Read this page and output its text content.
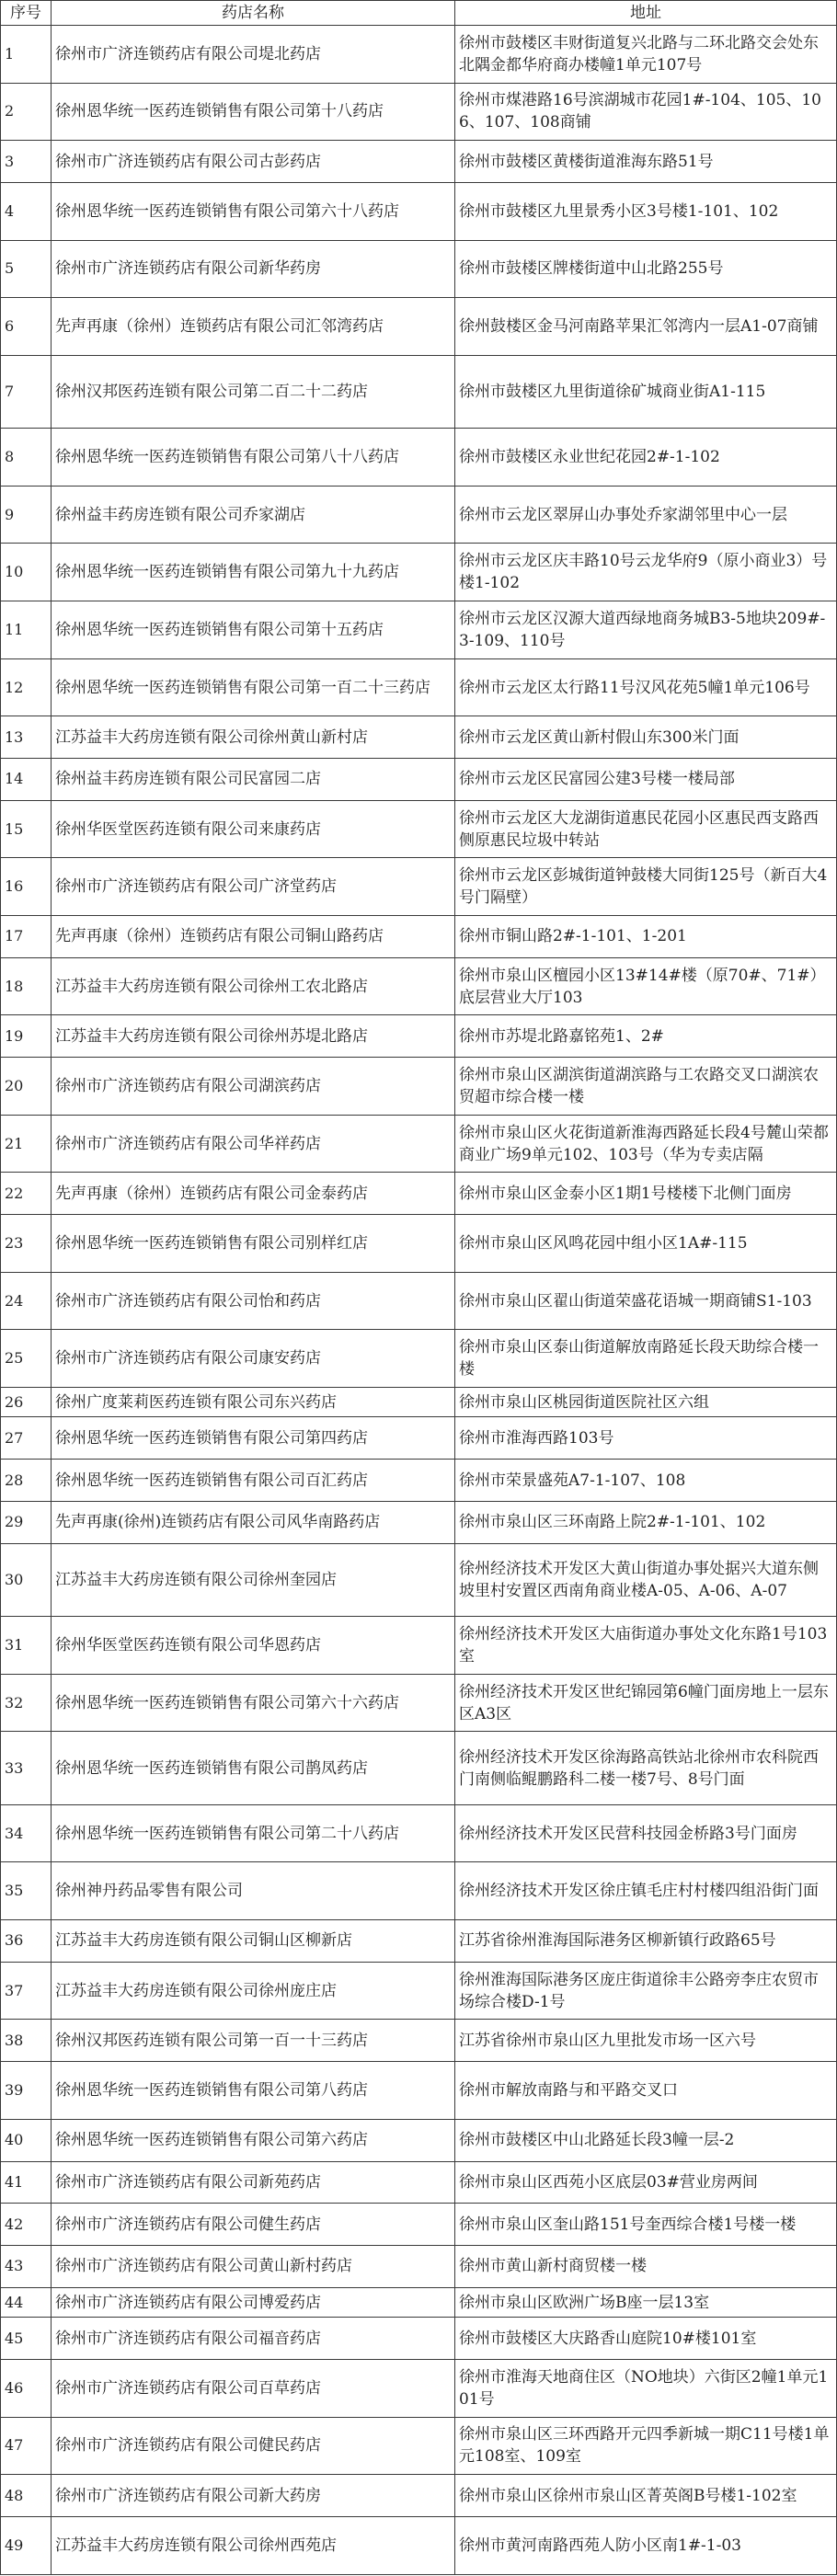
序号	药店名称	地址
1	徐州市广济连锁药店有限公司堤北药店	徐州市鼓楼区丰财街道复兴北路与二环北路交会处东北隅金都华府商办楼幢1单元107号
2	徐州恩华统一医药连锁销售有限公司第十八药店	徐州市煤港路16号滨湖城市花园1#-104、105、106、107、108商铺
3	徐州市广济连锁药店有限公司古彭药店	徐州市鼓楼区黄楼街道淮海东路51号
4	徐州恩华统一医药连锁销售有限公司第六十八药店	徐州市鼓楼区九里景秀小区3号楼1-101、102
5	徐州市广济连锁药店有限公司新华药房	徐州市鼓楼区牌楼街道中山北路255号
6	先声再康（徐州）连锁药店有限公司汇邻湾药店	徐州鼓楼区金马河南路苹果汇邻湾内一层A1-07商铺
7	徐州汉邦医药连锁有限公司第二百二十二药店	徐州市鼓楼区九里街道徐矿城商业街A1-115
8	徐州恩华统一医药连锁销售有限公司第八十八药店	徐州市鼓楼区永业世纪花园2#-1-102
9	徐州益丰药房连锁有限公司乔家湖店	徐州市云龙区翠屏山办事处乔家湖邻里中心一层
10	徐州恩华统一医药连锁销售有限公司第九十九药店	徐州市云龙区庆丰路10号云龙华府9（原小商业3）号楼1-102
11	徐州恩华统一医药连锁销售有限公司第十五药店	徐州市云龙区汉源大道西绿地商务城B3-5地块209#-3-109、110号
12	徐州恩华统一医药连锁销售有限公司第一百二十三药店	徐州市云龙区太行路11号汉风花苑5幢1单元106号
13	江苏益丰大药房连锁有限公司徐州黄山新村店	徐州市云龙区黄山新村假山东300米门面
14	徐州益丰药房连锁有限公司民富园二店	徐州市云龙区民富园公建3号楼一楼局部
15	徐州华医堂医药连锁有限公司来康药店	徐州市云龙区大龙湖街道惠民花园小区惠民西支路西侧原惠民垃圾中转站
16	徐州市广济连锁药店有限公司广济堂药店	徐州市云龙区彭城街道钟鼓楼大同街125号（新百大4号门隔壁）
17	先声再康（徐州）连锁药店有限公司铜山路药店	徐州市铜山路2#-1-101、1-201
18	江苏益丰大药房连锁有限公司徐州工农北路店	徐州市泉山区檀园小区13#14#楼（原70#、71#）底层营业大厅103
19	江苏益丰大药房连锁有限公司徐州苏堤北路店	徐州市苏堤北路嘉铭苑1、2#
20	徐州市广济连锁药店有限公司湖滨药店	徐州市泉山区湖滨街道湖滨路与工农路交叉口湖滨农贸超市综合楼一楼
21	徐州市广济连锁药店有限公司华祥药店	徐州市泉山区火花街道新淮海西路延长段4号麓山荣都商业广场9单元102、103号（华为专卖店隔
22	先声再康（徐州）连锁药店有限公司金泰药店	徐州市泉山区金泰小区1期1号楼楼下北侧门面房
23	徐州恩华统一医药连锁销售有限公司别样红店	徐州市泉山区风鸣花园中组小区1A#-115
24	徐州市广济连锁药店有限公司怡和药店	徐州市泉山区翟山街道荣盛花语城一期商铺S1-103
25	徐州市广济连锁药店有限公司康安药店	徐州市泉山区泰山街道解放南路延长段天助综合楼一楼
26	徐州广度莱莉医药连锁有限公司东兴药店	徐州市泉山区桃园街道医院社区六组
27	徐州恩华统一医药连锁销售有限公司第四药店	徐州市淮海西路103号
28	徐州恩华统一医药连锁销售有限公司百汇药店	徐州市荣景盛苑A7-1-107、108
29	先声再康(徐州)连锁药店有限公司风华南路药店	徐州市泉山区三环南路上院2#-1-101、102
30	江苏益丰大药房连锁有限公司徐州奎园店	徐州经济技术开发区大黄山街道办事处据兴大道东侧坡里村安置区西南角商业楼A-05、A-06、A-07
31	徐州华医堂医药连锁有限公司华恩药店	徐州经济技术开发区大庙街道办事处文化东路1号103室
32	徐州恩华统一医药连锁销售有限公司第六十六药店	徐州经济技术开发区世纪锦园第6幢门面房地上一层东区A3区
33	徐州恩华统一医药连锁销售有限公司鹊凤药店	徐州经济技术开发区徐海路高铁站北徐州市农科院西门南侧临鲲鹏路科二楼一楼7号、8号门面
34	徐州恩华统一医药连锁销售有限公司第二十八药店	徐州经济技术开发区民营科技园金桥路3号门面房
35	徐州神丹药品零售有限公司	徐州经济技术开发区徐庄镇毛庄村村楼四组沿街门面
36	江苏益丰大药房连锁有限公司铜山区柳新店	江苏省徐州淮海国际港务区柳新镇行政路65号
37	江苏益丰大药房连锁有限公司徐州庞庄店	徐州淮海国际港务区庞庄街道徐丰公路旁李庄农贸市场综合楼D-1号
38	徐州汉邦医药连锁有限公司第一百一十三药店	江苏省徐州市泉山区九里批发市场一区六号
39	徐州恩华统一医药连锁销售有限公司第八药店	徐州市解放南路与和平路交叉口
40	徐州恩华统一医药连锁销售有限公司第六药店	徐州市鼓楼区中山北路延长段3幢一层-2
41	徐州市广济连锁药店有限公司新苑药店	徐州市泉山区西苑小区底层03#营业房两间
42	徐州市广济连锁药店有限公司健生药店	徐州市泉山区奎山路151号奎西综合楼1号楼一楼
43	徐州市广济连锁药店有限公司黄山新村药店	徐州市黄山新村商贸楼一楼
44	徐州市广济连锁药店有限公司博爱药店	徐州市泉山区欧洲广场B座一层13室
45	徐州市广济连锁药店有限公司福音药店	徐州市鼓楼区大庆路香山庭院10#楼101室
46	徐州市广济连锁药店有限公司百草药店	徐州市淮海天地商住区（NO地块）六街区2幢1单元101号
47	徐州市广济连锁药店有限公司健民药店	徐州市泉山区三环西路开元四季新城一期C11号楼1单元108室、109室
48	徐州市广济连锁药店有限公司新大药房	徐州市泉山区徐州市泉山区菁英阁B号楼1-102室
49	江苏益丰大药房连锁有限公司徐州西苑店	徐州市黄河南路西苑人防小区南1#-1-03
